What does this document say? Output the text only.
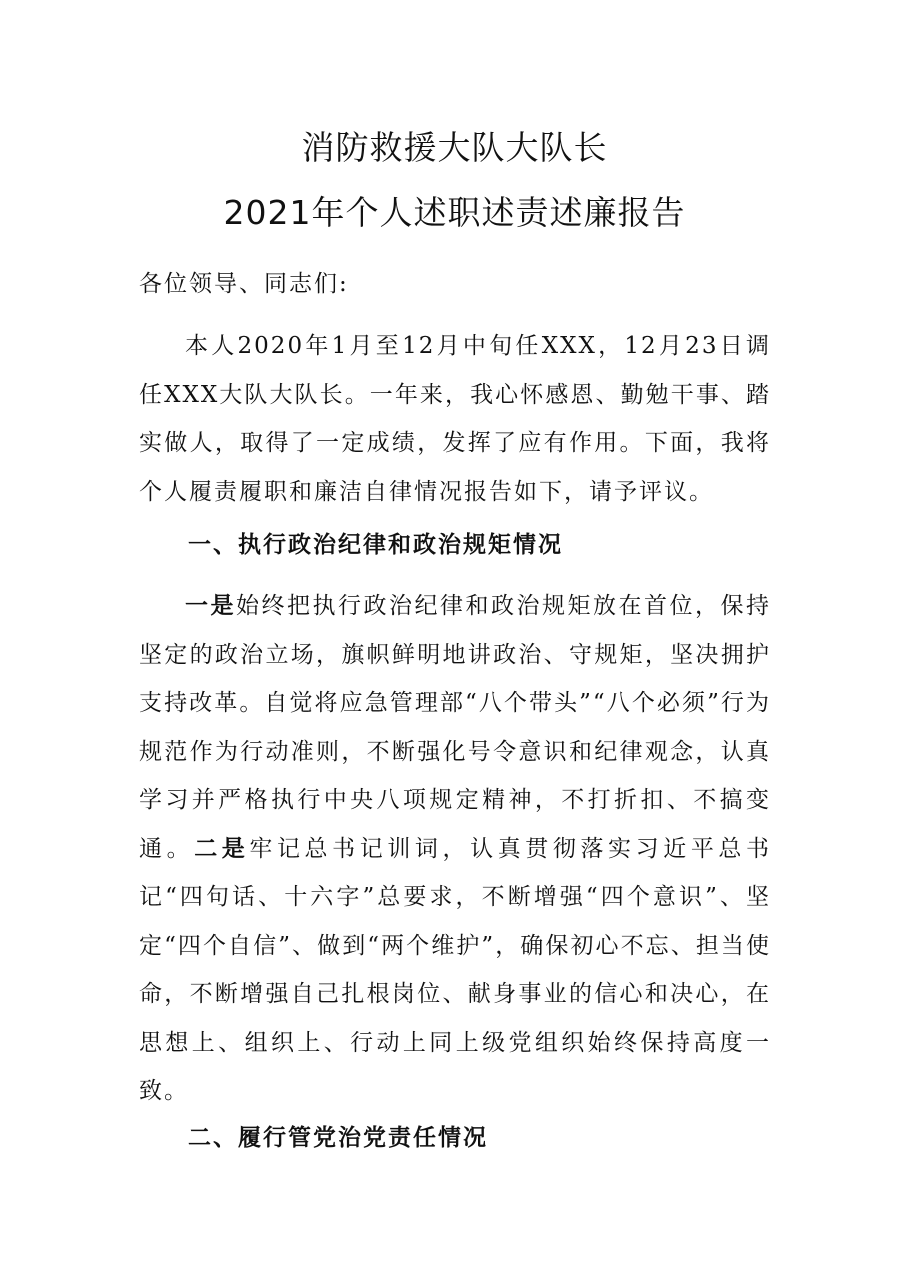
消防救援大队大队长
2021年个人述职述责述廉报告
各位领导、同志们:

本人2020年1月至12月中旬任XXX，12月23日调任XXX大队大队长。一年来，我心怀感恩、勤勉干事、踏实做人，取得了一定成绩，发挥了应有作用。下面，我将个人履责履职和廉洁自律情况报告如下，请予评议。

一、执行政治纪律和政治规矩情况

一是始终把执行政治纪律和政治规矩放在首位，保持坚定的政治立场，旗帜鲜明地讲政治、守规矩，坚决拥护支持改革。自觉将应急管理部“八个带头”“八个必须”行为规范作为行动准则，不断强化号令意识和纪律观念，认真学习并严格执行中央八项规定精神，不打折扣、不搞变通。二是牢记总书记训词，认真贯彻落实习近平总书记“四句话、十六字”总要求，不断增强“四个意识”、坚定“四个自信”、做到“两个维护”，确保初心不忘、担当使命，不断增强自己扎根岗位、献身事业的信心和决心，在思想上、组织上、行动上同上级党组织始终保持高度一致。

二、履行管党治党责任情况
